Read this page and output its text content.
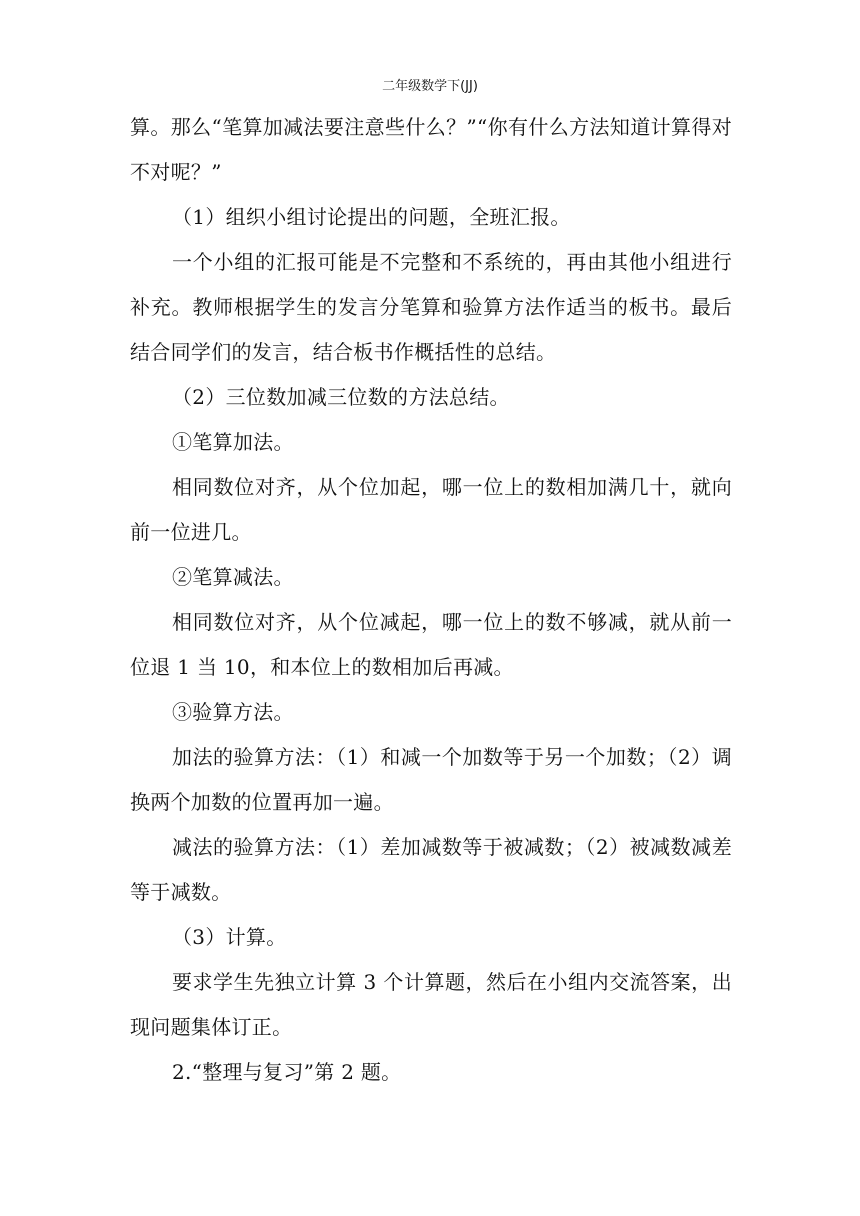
二年级数学下(JJ)

算。那么“笔算加减法要注意些什么？”“你有什么方法知道计算得对不对呢？”

（1）组织小组讨论提出的问题，全班汇报。

一个小组的汇报可能是不完整和不系统的，再由其他小组进行补充。教师根据学生的发言分笔算和验算方法作适当的板书。最后结合同学们的发言，结合板书作概括性的总结。

（2）三位数加减三位数的方法总结。

①笔算加法。

相同数位对齐，从个位加起，哪一位上的数相加满几十，就向前一位进几。

②笔算减法。

相同数位对齐，从个位减起，哪一位上的数不够减，就从前一位退 1 当 10，和本位上的数相加后再减。

③验算方法。

加法的验算方法：（1）和减一个加数等于另一个加数；（2）调换两个加数的位置再加一遍。

减法的验算方法：（1）差加减数等于被减数；（2）被减数减差等于减数。

（3）计算。

要求学生先独立计算 3 个计算题，然后在小组内交流答案，出现问题集体订正。

2.“整理与复习”第 2 题。
